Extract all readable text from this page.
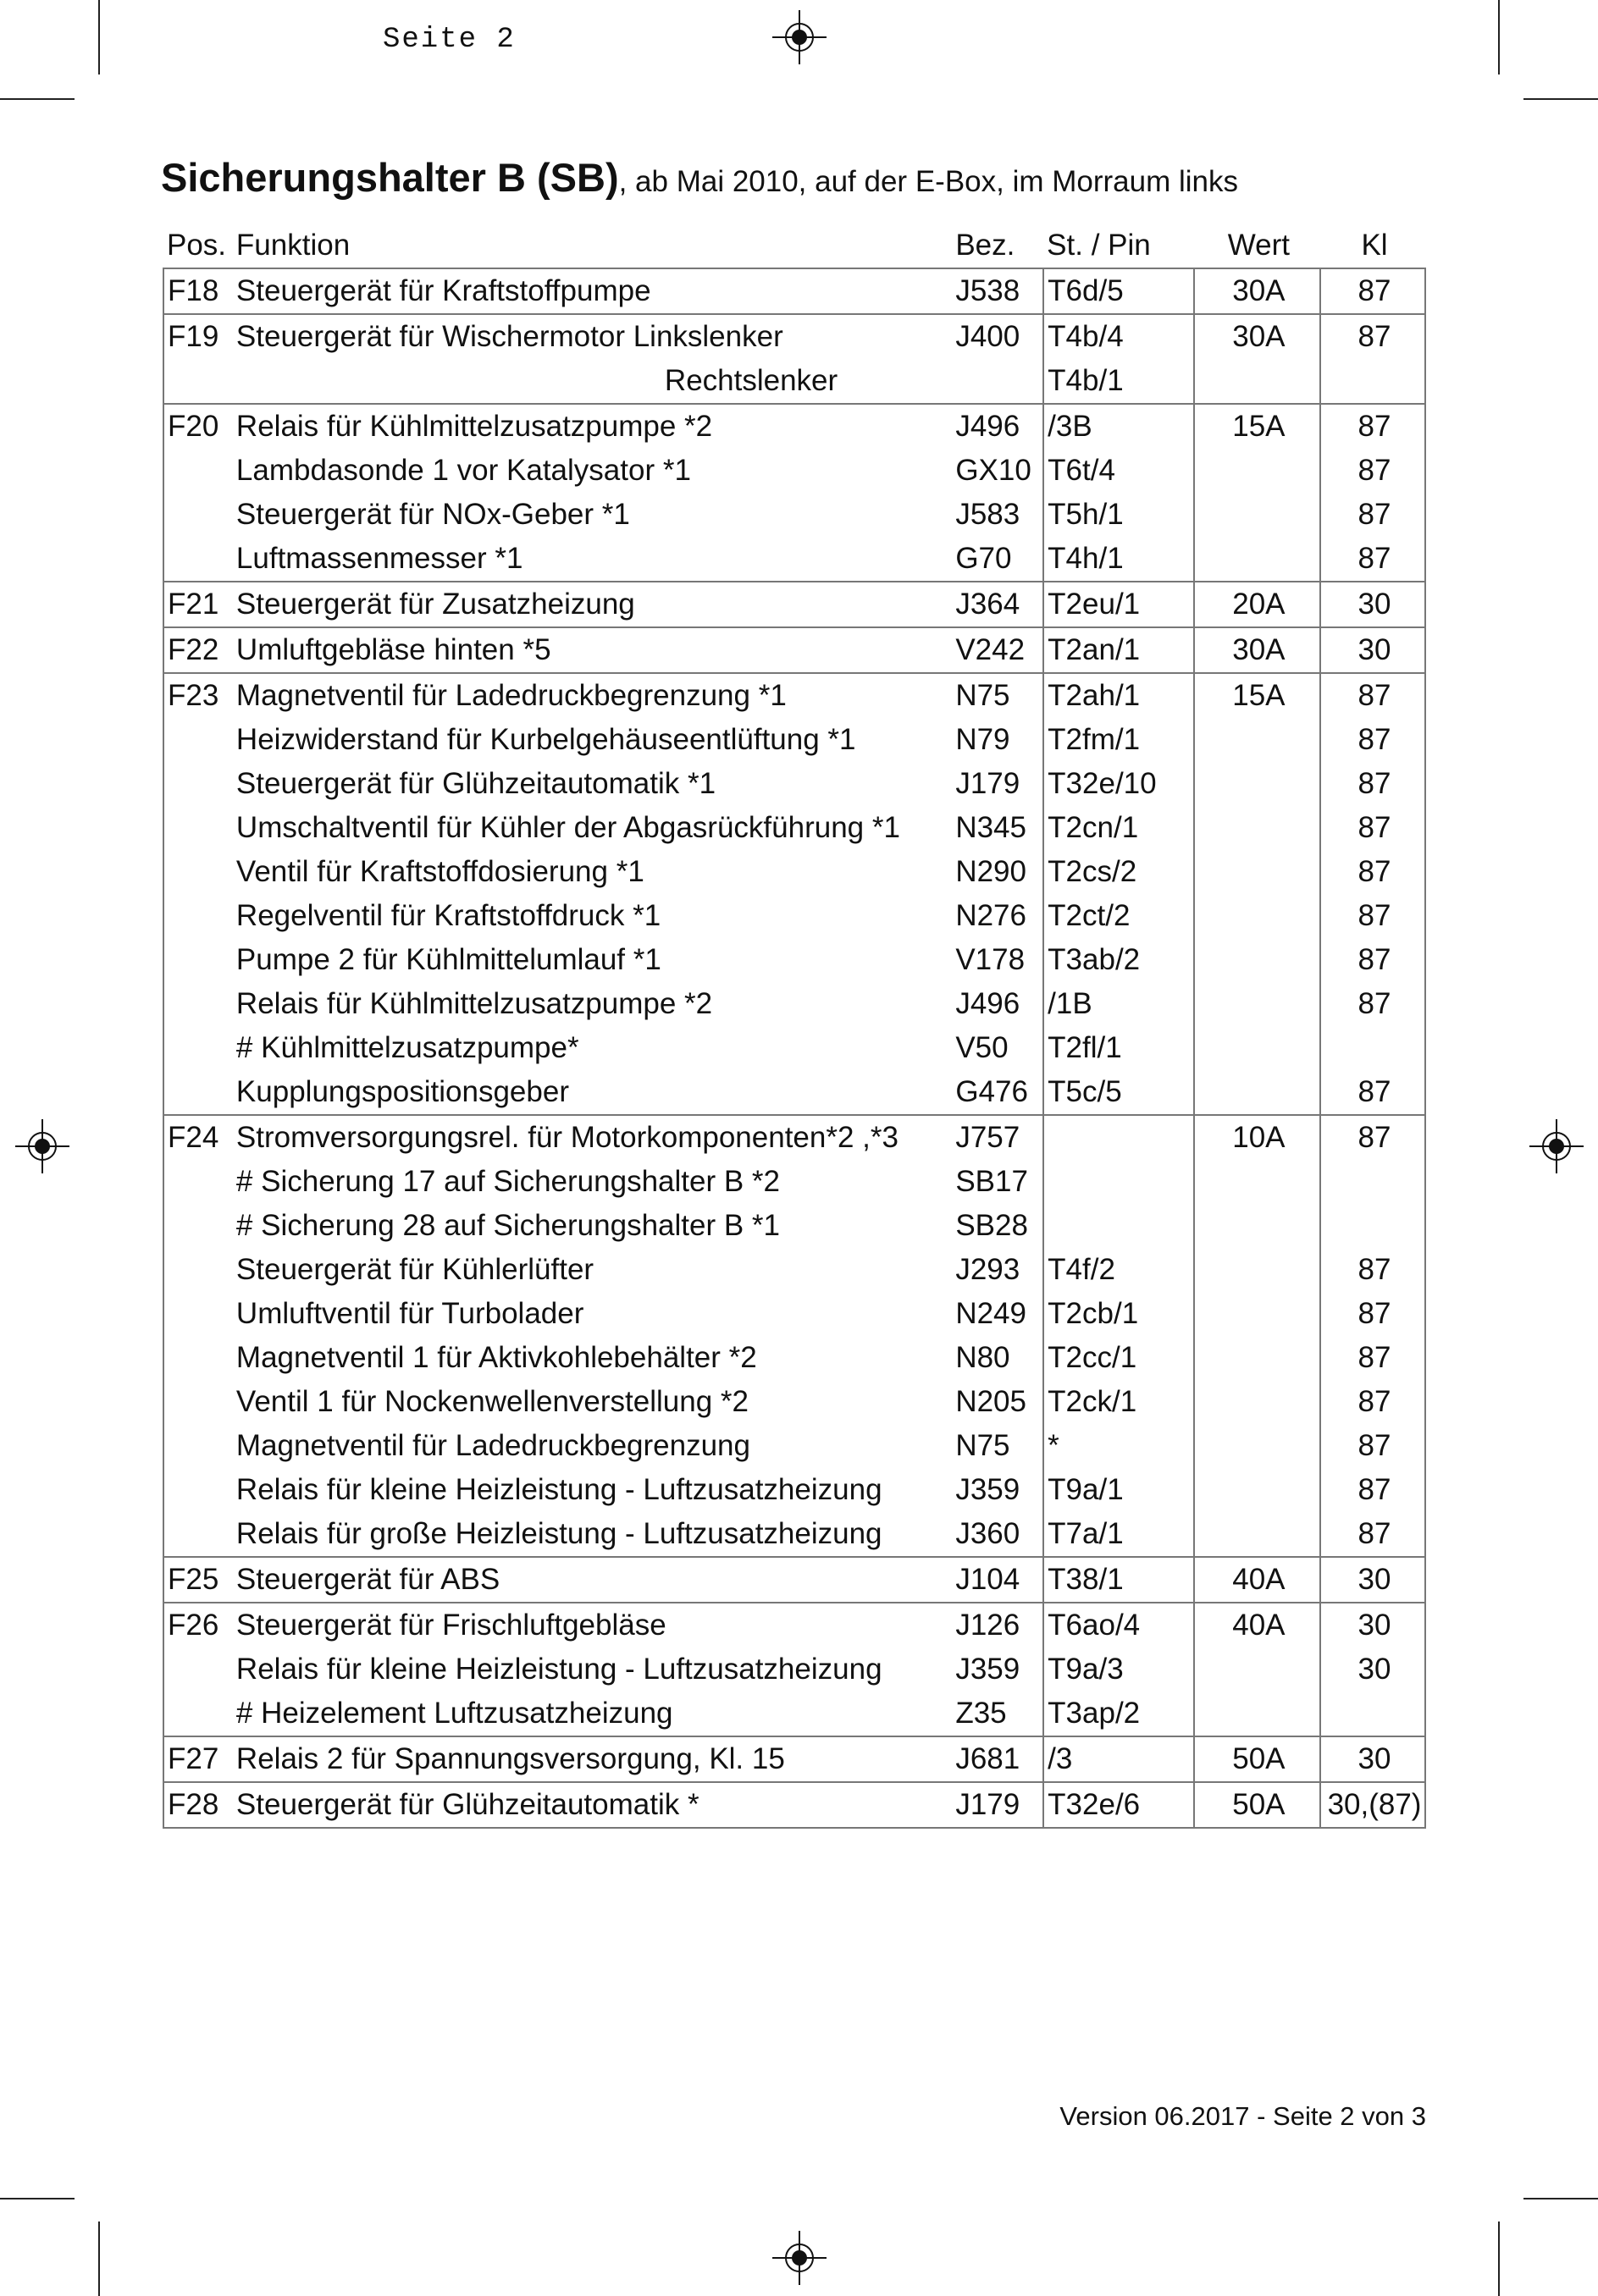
Seite 2
Sicherungshalter B (SB), ab Mai 2010, auf der E-Box, im Morraum links
Pos.	Funktion	Bez.	St. / Pin	Wert	Kl
F18	Steuergerät für Kraftstoffpumpe	J538	T6d/5	30A	87
F19	Steuergerät für Wischermotor Linkslenker	J400	T4b/4	30A	87
	Rechtslenker		T4b/1		
F20	Relais für Kühlmittelzusatzpumpe *2	J496	/3B	15A	87
	Lambdasonde 1 vor Katalysator *1	GX10	T6t/4		87
	Steuergerät für NOx-Geber *1	J583	T5h/1		87
	Luftmassenmesser *1	G70	T4h/1		87
F21	Steuergerät für Zusatzheizung	J364	T2eu/1	20A	30
F22	Umluftgebläse hinten *5	V242	T2an/1	30A	30
F23	Magnetventil für Ladedruckbegrenzung *1	N75	T2ah/1	15A	87
	Heizwiderstand für Kurbelgehäuseentlüftung *1	N79	T2fm/1		87
	Steuergerät für Glühzeitautomatik *1	J179	T32e/10		87
	Umschaltventil für Kühler der Abgasrückführung *1	N345	T2cn/1		87
	Ventil für Kraftstoffdosierung *1	N290	T2cs/2		87
	Regelventil für Kraftstoffdruck *1	N276	T2ct/2		87
	Pumpe 2 für Kühlmittelumlauf *1	V178	T3ab/2		87
	Relais für Kühlmittelzusatzpumpe *2	J496	/1B		87
	# Kühlmittelzusatzpumpe*	V50	T2fl/1		
	Kupplungspositionsgeber	G476	T5c/5		87
F24	Stromversorgungsrel. für Motorkomponenten*2 ,*3	J757		10A	87
	# Sicherung 17 auf Sicherungshalter B *2	SB17			
	# Sicherung 28 auf Sicherungshalter B *1	SB28			
	Steuergerät für Kühlerlüfter	J293	T4f/2		87
	Umluftventil für Turbolader	N249	T2cb/1		87
	Magnetventil 1 für Aktivkohlebehälter *2	N80	T2cc/1		87
	Ventil 1 für Nockenwellenverstellung *2	N205	T2ck/1		87
	Magnetventil für Ladedruckbegrenzung	N75	*		87
	Relais für kleine Heizleistung - Luftzusatzheizung	J359	T9a/1		87
	Relais für große Heizleistung - Luftzusatzheizung	J360	T7a/1		87
F25	Steuergerät für ABS	J104	T38/1	40A	30
F26	Steuergerät für Frischluftgebläse	J126	T6ao/4	40A	30
	Relais für kleine Heizleistung - Luftzusatzheizung	J359	T9a/3		30
	# Heizelement Luftzusatzheizung	Z35	T3ap/2		
F27	Relais 2 für Spannungsversorgung, Kl. 15	J681	/3	50A	30
F28	Steuergerät für Glühzeitautomatik *	J179	T32e/6	50A	30,(87)
Version 06.2017 - Seite 2 von 3
